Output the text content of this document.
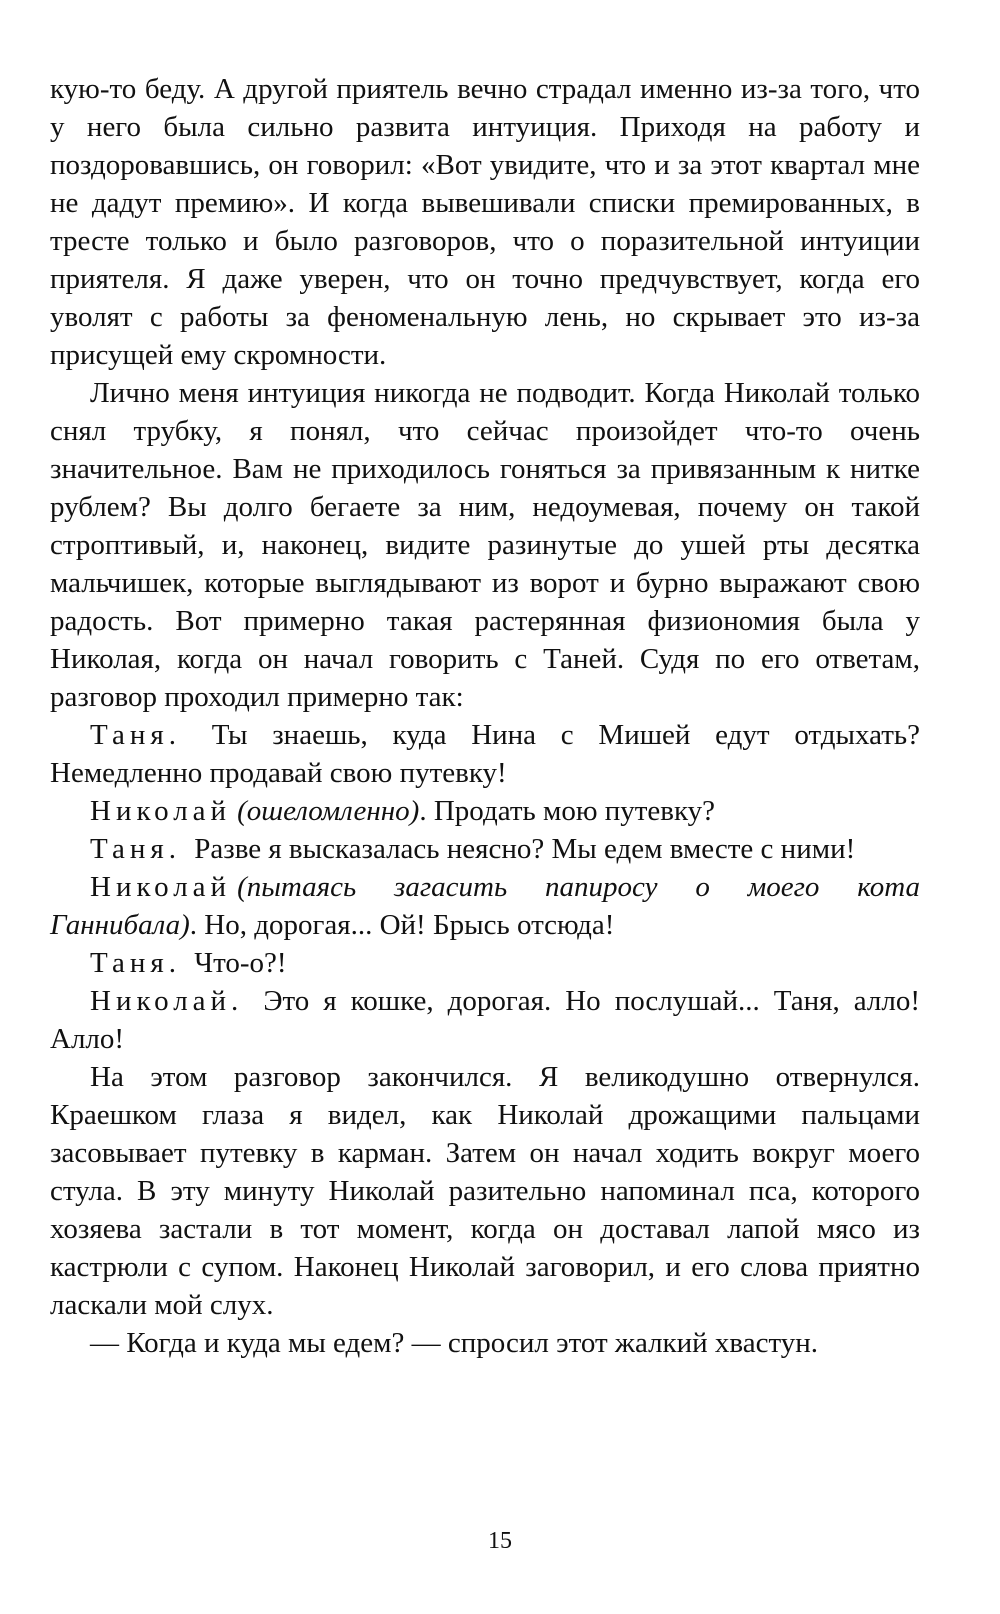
кую-то беду. А другой приятель вечно страдал именно из-за того, что у него была сильно развита интуиция. Приходя на работу и поздоровавшись, он говорил: «Вот увидите, что и за этот квартал мне не дадут премию». И когда вывешивали списки премированных, в тресте только и было разговоров, что о поразительной интуиции приятеля. Я даже уверен, что он точно предчувствует, когда его уволят с работы за феноменальную лень, но скрывает это из-за присущей ему скромности.

Лично меня интуиция никогда не подводит. Когда Николай только снял трубку, я понял, что сейчас произойдет что-то очень значительное. Вам не приходилось гоняться за привязанным к нитке рублем? Вы долго бегаете за ним, недоумевая, почему он такой строптивый, и, наконец, видите разинутые до ушей рты десятка мальчишек, которые выглядывают из ворот и бурно выражают свою радость. Вот примерно такая растерянная физиономия была у Николая, когда он начал говорить с Таней. Судя по его ответам, разговор проходил примерно так:

Таня. Ты знаешь, куда Нина с Мишей едут отдыхать? Немедленно продавай свою путевку!

Николай (ошеломленно). Продать мою путевку?

Таня. Разве я высказалась неясно? Мы едем вместе с ними!

Николай (пытаясь загасить папиросу о моего кота Ганнибала). Но, дорогая... Ой! Брысь отсюда!

Таня. Что-о?!

Николай. Это я кошке, дорогая. Но послушай... Таня, алло! Алло!

На этом разговор закончился. Я великодушно отвернулся. Краешком глаза я видел, как Николай дрожащими пальцами засовывает путевку в карман. Затем он начал ходить вокруг моего стула. В эту минуту Николай разительно напоминал пса, которого хозяева застали в тот момент, когда он доставал лапой мясо из кастрюли с супом. Наконец Николай заговорил, и его слова приятно ласкали мой слух.

— Когда и куда мы едем? — спросил этот жалкий хвастун.

15
